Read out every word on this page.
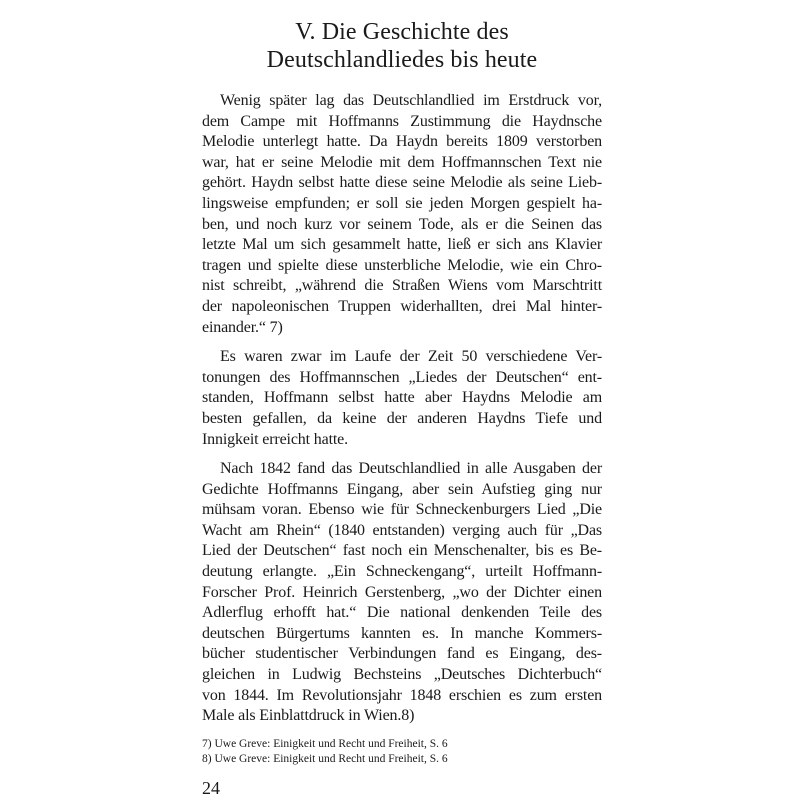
V. Die Geschichte des
Deutschlandliedes bis heute
Wenig später lag das Deutschlandlied im Erstdruck vor,
dem Campe mit Hoffmanns Zustimmung die Haydnsche
Melodie unterlegt hatte. Da Haydn bereits 1809 verstorben
war, hat er seine Melodie mit dem Hoffmannschen Text nie
gehört. Haydn selbst hatte diese seine Melodie als seine Lieb-
lingsweise empfunden; er soll sie jeden Morgen gespielt ha-
ben, und noch kurz vor seinem Tode, als er die Seinen das
letzte Mal um sich gesammelt hatte, ließ er sich ans Klavier
tragen und spielte diese unsterbliche Melodie, wie ein Chro-
nist schreibt, „während die Straßen Wiens vom Marschtritt
der napoleonischen Truppen widerhallten, drei Mal hinter-
einander.“ 7)
Es waren zwar im Laufe der Zeit 50 verschiedene Ver-
tonungen des Hoffmannschen „Liedes der Deutschen“ ent-
standen, Hoffmann selbst hatte aber Haydns Melodie am
besten gefallen, da keine der anderen Haydns Tiefe und
Innigkeit erreicht hatte.
Nach 1842 fand das Deutschlandlied in alle Ausgaben der
Gedichte Hoffmanns Eingang, aber sein Aufstieg ging nur
mühsam voran. Ebenso wie für Schneckenburgers Lied „Die
Wacht am Rhein“ (1840 entstanden) verging auch für „Das
Lied der Deutschen“ fast noch ein Menschenalter, bis es Be-
deutung erlangte. „Ein Schneckengang“, urteilt Hoffmann-
Forscher Prof. Heinrich Gerstenberg, „wo der Dichter einen
Adlerflug erhofft hat.“ Die national denkenden Teile des
deutschen Bürgertums kannten es. In manche Kommers-
bücher studentischer Verbindungen fand es Eingang, des-
gleichen in Ludwig Bechsteins „Deutsches Dichterbuch“
von 1844. Im Revolutionsjahr 1848 erschien es zum ersten
Male als Einblattdruck in Wien.8)
7) Uwe Greve: Einigkeit und Recht und Freiheit, S. 6
8) Uwe Greve: Einigkeit und Recht und Freiheit, S. 6
24
